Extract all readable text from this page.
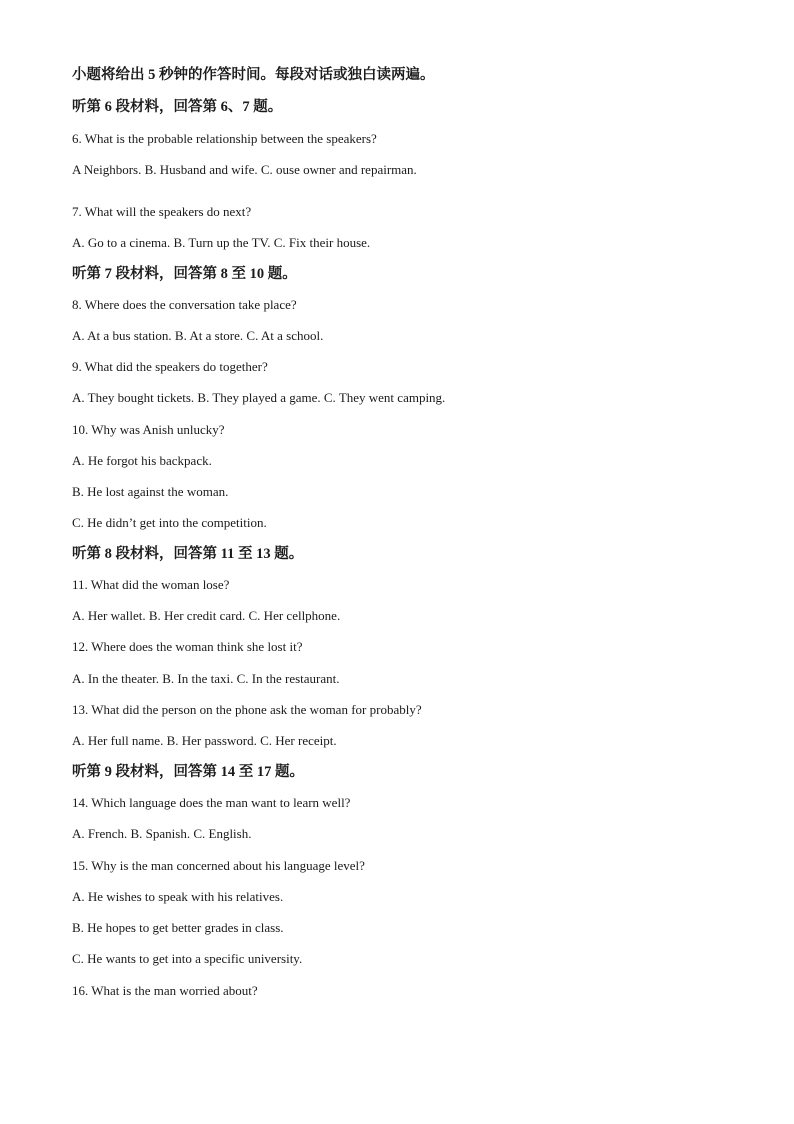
小题将给出 5 秒钟的作答时间。每段对话或独白读两遍。
听第 6 段材料，回答第 6、7 题。
6. What is the probable relationship between the speakers?
A Neighbors. B. Husband and wife. C. ouse owner and repairman.
7. What will the speakers do next?
A. Go to a cinema. B. Turn up the TV. C. Fix their house.
听第 7 段材料，回答第 8 至 10 题。
8. Where does the conversation take place?
A. At a bus station. B. At a store. C. At a school.
9. What did the speakers do together?
A. They bought tickets. B. They played a game. C. They went camping.
10. Why was Anish unlucky?
A. He forgot his backpack.
B. He lost against the woman.
C. He didn’t get into the competition.
听第 8 段材料，回答第 11 至 13 题。
11. What did the woman lose?
A. Her wallet. B. Her credit card. C. Her cellphone.
12. Where does the woman think she lost it?
A. In the theater. B. In the taxi. C. In the restaurant.
13. What did the person on the phone ask the woman for probably?
A. Her full name. B. Her password. C. Her receipt.
听第 9 段材料，回答第 14 至 17 题。
14. Which language does the man want to learn well?
A. French. B. Spanish. C. English.
15. Why is the man concerned about his language level?
A. He wishes to speak with his relatives.
B. He hopes to get better grades in class.
C. He wants to get into a specific university.
16. What is the man worried about?
